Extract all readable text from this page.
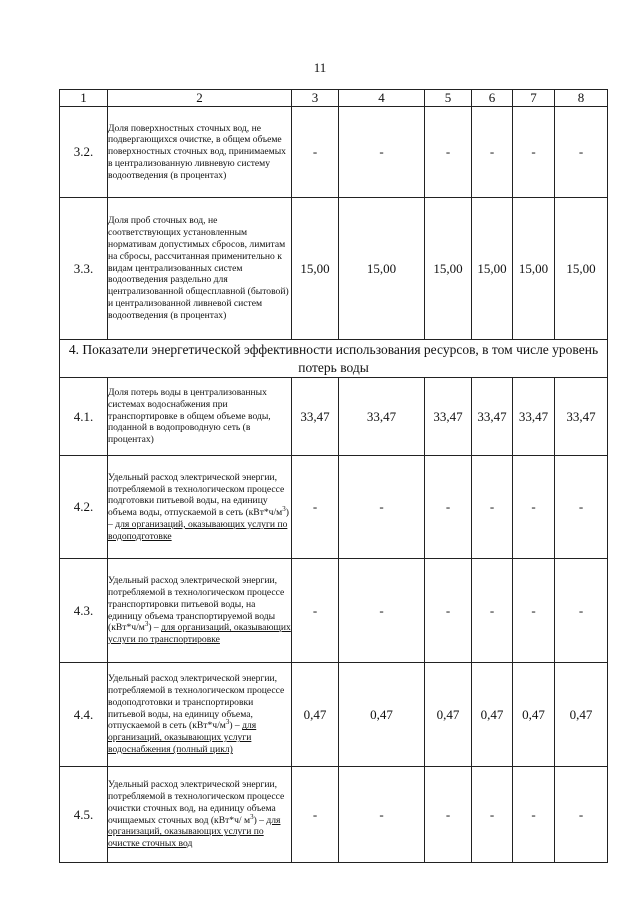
11
1	2	3	4	5	6	7	8
3.2.	Доля поверхностных сточных вод, не подвергающихся очистке, в общем объеме поверхностных сточных вод, принимаемых в централизованную ливневую систему водоотведения (в процентах)	-	-	-	-	-	-
3.3.	Доля проб сточных вод, не соответствующих установленным нормативам допустимых сбросов, лимитам на сбросы, рассчитанная применительно к видам централизованных систем водоотведения раздельно для централизованной общесплавной (бытовой) и централизованной ливневой систем водоотведения (в процентах)	15,00	15,00	15,00	15,00	15,00	15,00
4. Показатели энергетической эффективности использования ресурсов, в том числе уровень потерь воды							
4.1.	Доля потерь воды в централизованных системах водоснабжения при транспортировке в общем объеме воды, поданной в водопроводную сеть (в процентах)	33,47	33,47	33,47	33,47	33,47	33,47
4.2.	Удельный расход электрической энергии, потребляемой в технологическом процессе подготовки питьевой воды, на единицу объема воды, отпускаемой в сеть $(кВт*ч/м^3)$ – для организаций, оказывающих услуги по водоподготовке	-	-	-	-	-	-
4.3.	Удельный расход электрической энергии, потребляемой в технологическом процессе транспортировки питьевой воды, на единицу объема транспортируемой воды $(кВт*ч/м^3)$ – для организаций, оказывающих услуги по транспортировке	-	-	-	-	-	-
4.4.	Удельный расход электрической энергии, потребляемой в технологическом процессе водоподготовки и транспортировки питьевой воды, на единицу объема, отпускаемой в сеть $(кВт*ч/м^3)$ – для организаций, оказывающих услуги водоснабжения (полный цикл)	0,47	0,47	0,47	0,47	0,47	0,47
4.5.	Удельный расход электрической энергии, потребляемой в технологическом процессе очистки сточных вод, на единицу объема очищаемых сточных вод (кВт*ч/ $м^3$) – для организаций, оказывающих услуги по очистке сточных вод	-	-	-	-	-	-
